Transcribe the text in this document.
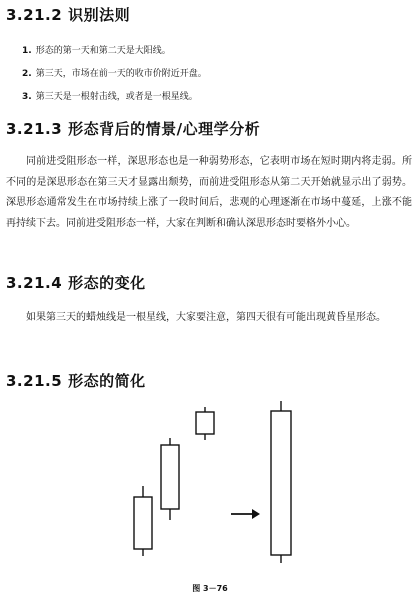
3.21.2 识别法则
1. 形态的第一天和第二天是大阳线。
2. 第三天，市场在前一天的收市价附近开盘。
3. 第三天是一根射击线，或者是一根星线。
3.21.3 形态背后的情景/心理学分析
同前进受阻形态一样，深思形态也是一种弱势形态，它表明市场在短时期内将走弱。所不同的是深思形态在第三天才显露出颓势，而前进受阻形态从第二天开始就显示出了弱势。深思形态通常发生在市场持续上涨了一段时间后，悲观的心理逐渐在市场中蔓延，上涨不能再持续下去。同前进受阻形态一样，大家在判断和确认深思形态时要格外小心。
3.21.4 形态的变化
如果第三天的蜡烛线是一根星线，大家要注意，第四天很有可能出现黄昏星形态。
3.21.5 形态的简化
图 3－76
